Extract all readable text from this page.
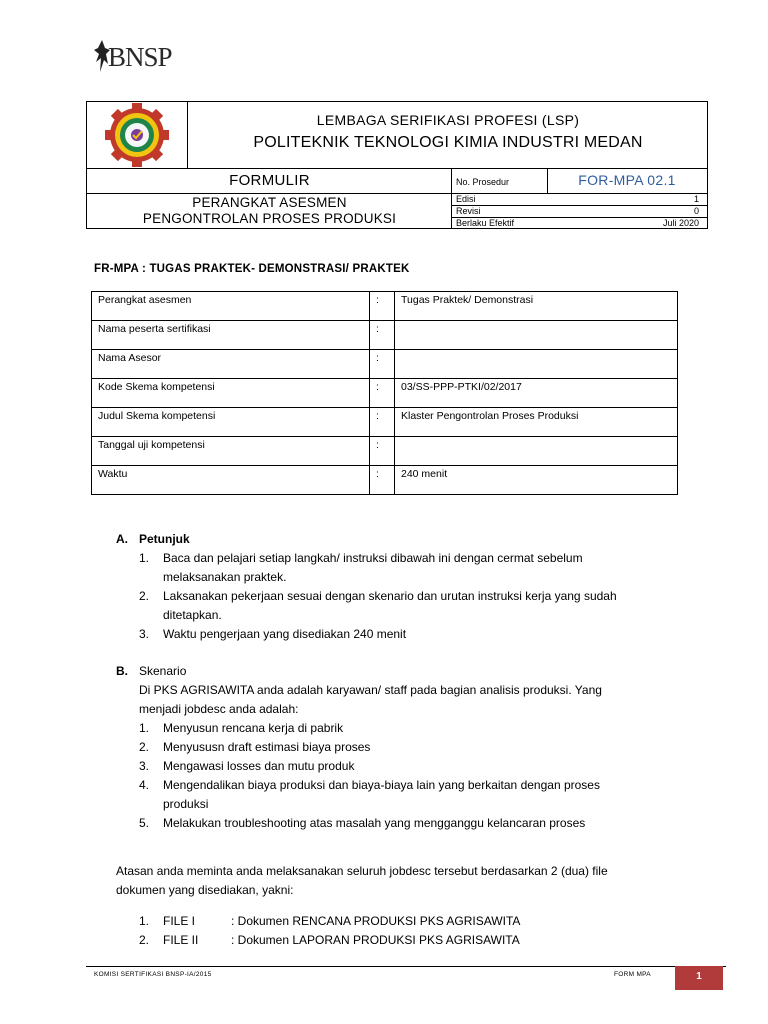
BNSP
LEMBAGA SERIFIKASI PROFESI (LSP)
POLITEKNIK TEKNOLOGI KIMIA INDUSTRI MEDAN
FORMULIR
PERANGKAT ASESMEN
PENGONTROLAN PROSES PRODUKSI
No. Prosedur	FOR-MPA 02.1
Edisi	1
Revisi	0
Berlaku Efektif	Juli 2020
FR-MPA : TUGAS PRAKTEK- DEMONSTRASI/ PRAKTEK
Perangkat asesmen	:	Tugas Praktek/ Demonstrasi
Nama peserta sertifikasi	:	
Nama Asesor	:	
Kode Skema kompetensi	:	03/SS-PPP-PTKI/02/2017
Judul Skema kompetensi	:	Klaster Pengontrolan Proses Produksi
Tanggal uji kompetensi	:	
Waktu	:	240 menit
A. Petunjuk
1. Baca dan pelajari setiap langkah/ instruksi dibawah ini dengan cermat sebelum
melaksanakan praktek.
2. Laksanakan pekerjaan sesuai dengan skenario dan urutan instruksi kerja yang sudah
ditetapkan.
3. Waktu pengerjaan yang disediakan 240 menit
B. Skenario
Di PKS AGRISAWITA anda adalah karyawan/ staff pada bagian analisis produksi. Yang
menjadi jobdesc anda adalah:
1. Menyusun rencana kerja di pabrik
2. Menyususn draft estimasi biaya proses
3. Mengawasi losses dan mutu produk
4. Mengendalikan biaya produksi dan biaya-biaya lain yang berkaitan dengan proses
produksi
5. Melakukan troubleshooting atas masalah yang mengganggu kelancaran proses
Atasan anda meminta anda melaksanakan seluruh jobdesc tersebut berdasarkan 2 (dua) file
dokumen yang disediakan, yakni:
1. FILE I	: Dokumen RENCANA PRODUKSI PKS AGRISAWITA
2. FILE II	: Dokumen LAPORAN PRODUKSI PKS AGRISAWITA
KOMISI SERTIFIKASI BNSP-IA/2015	FORM MPA	1
